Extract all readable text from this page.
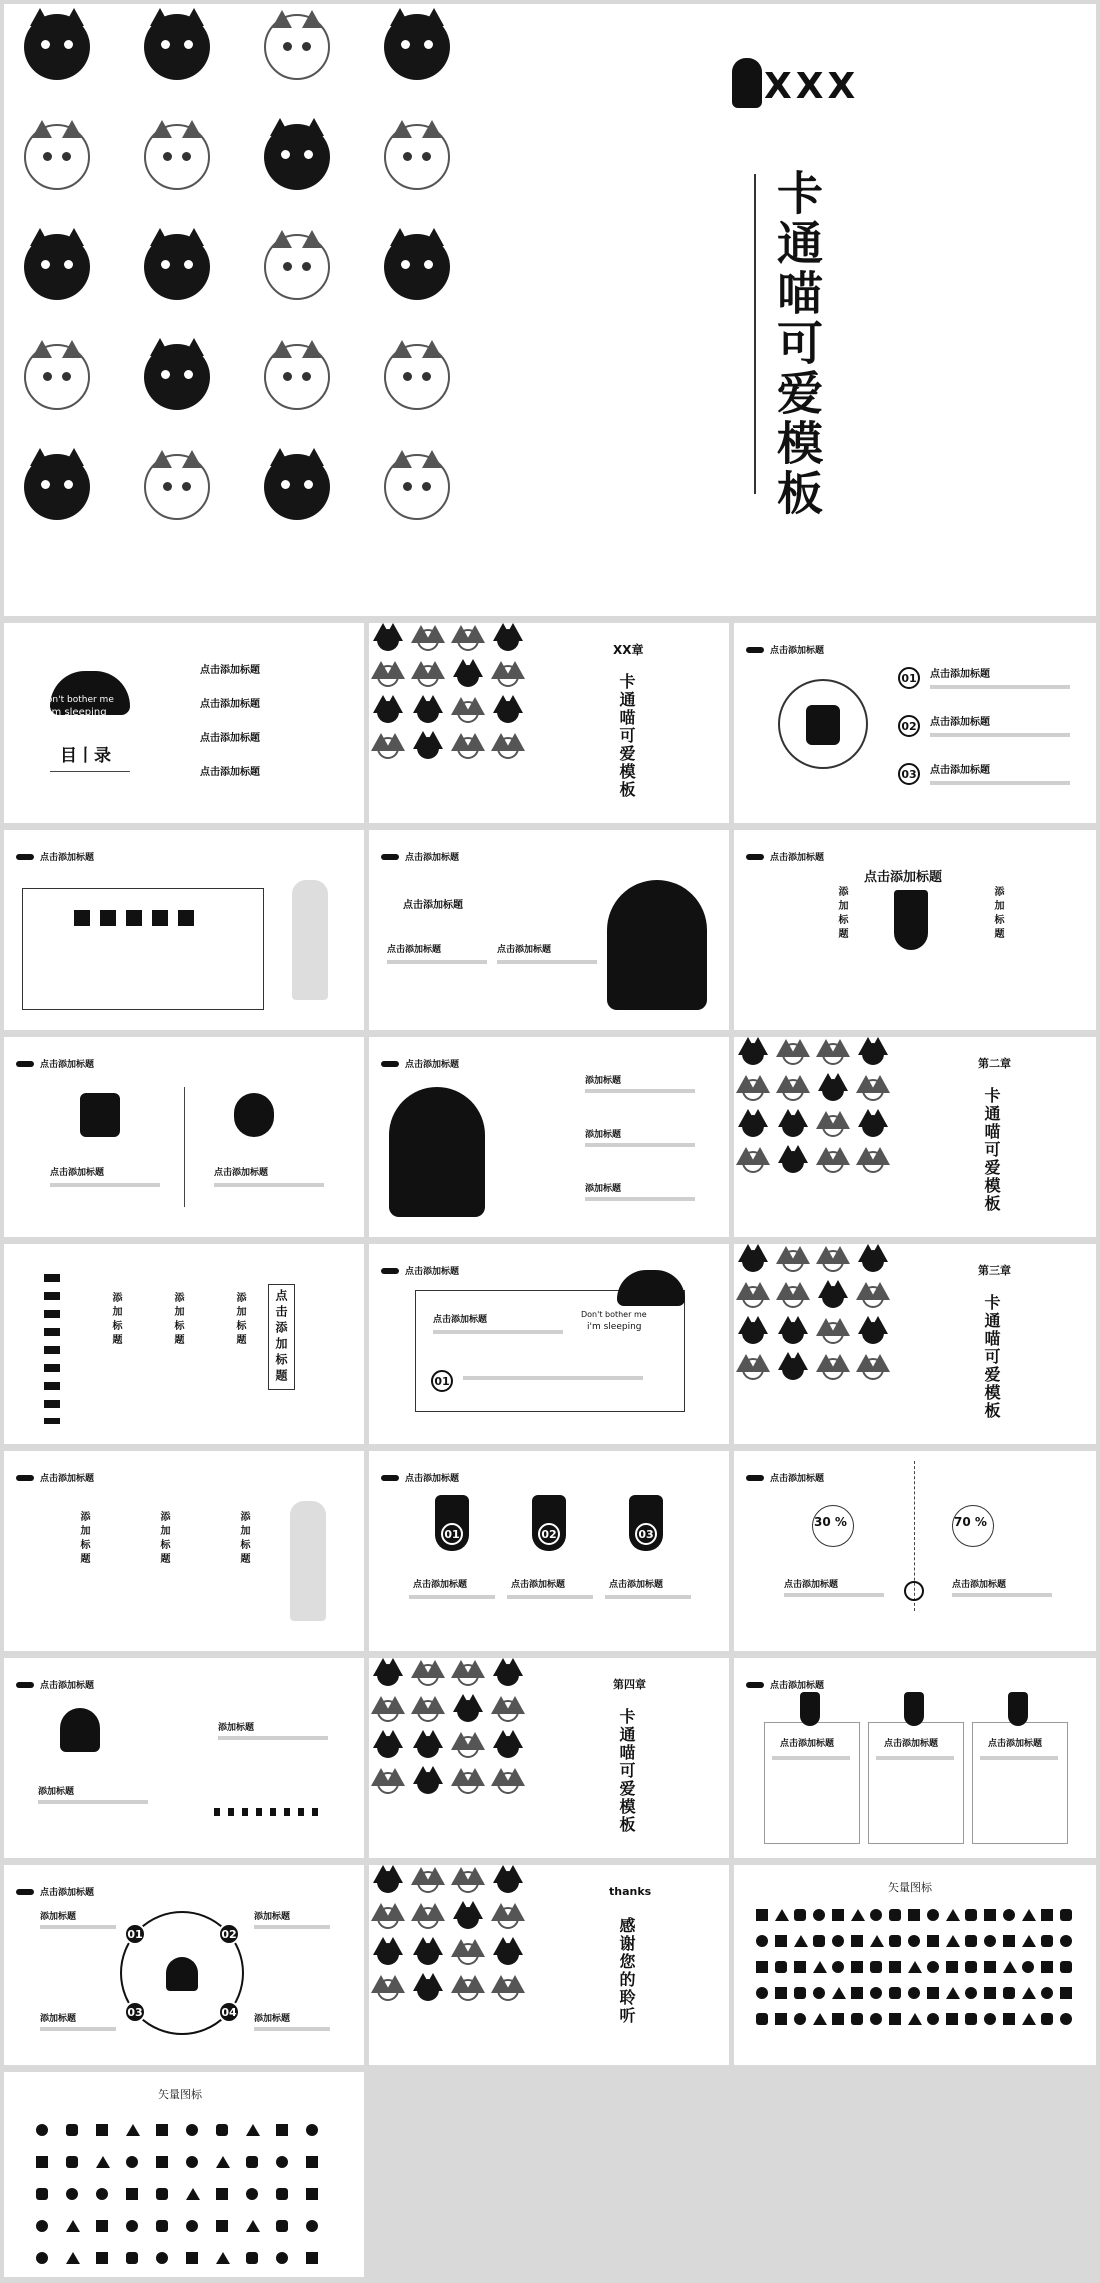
XXX
卡通喵可爱模板
Don't bother me
i'm sleeping
目丨录
点击添加标题
点击添加标题
点击添加标题
点击添加标题
XX章
卡通喵可爱模板
点击添加标题
01	点击添加标题
02	点击添加标题
03	点击添加标题
点击添加标题	点击添加标题
点击添加标题
点击添加标题	点击添加标题
点击添加标题
点击添加标题
添加标题	添加标题
点击添加标题
点击添加标题	点击添加标题
点击添加标题
添加标题
添加标题
添加标题
第二章
卡通喵可爱模板
添加标题	添加标题	添加标题	点击添加标题
点击添加标题
Don't bother me
i'm sleeping
点击添加标题
01
第三章
卡通喵可爱模板
点击添加标题
添加标题	添加标题	添加标题
点击添加标题
01	02	03
点击添加标题	点击添加标题	点击添加标题
点击添加标题
30 %	70 %
点击添加标题	点击添加标题
点击添加标题
添加标题
添加标题
第四章
卡通喵可爱模板
点击添加标题
点击添加标题	点击添加标题	点击添加标题
点击添加标题
01	02
03	04
添加标题	添加标题
添加标题	添加标题
thanks
感谢您的聆听
矢量图标
矢量图标
